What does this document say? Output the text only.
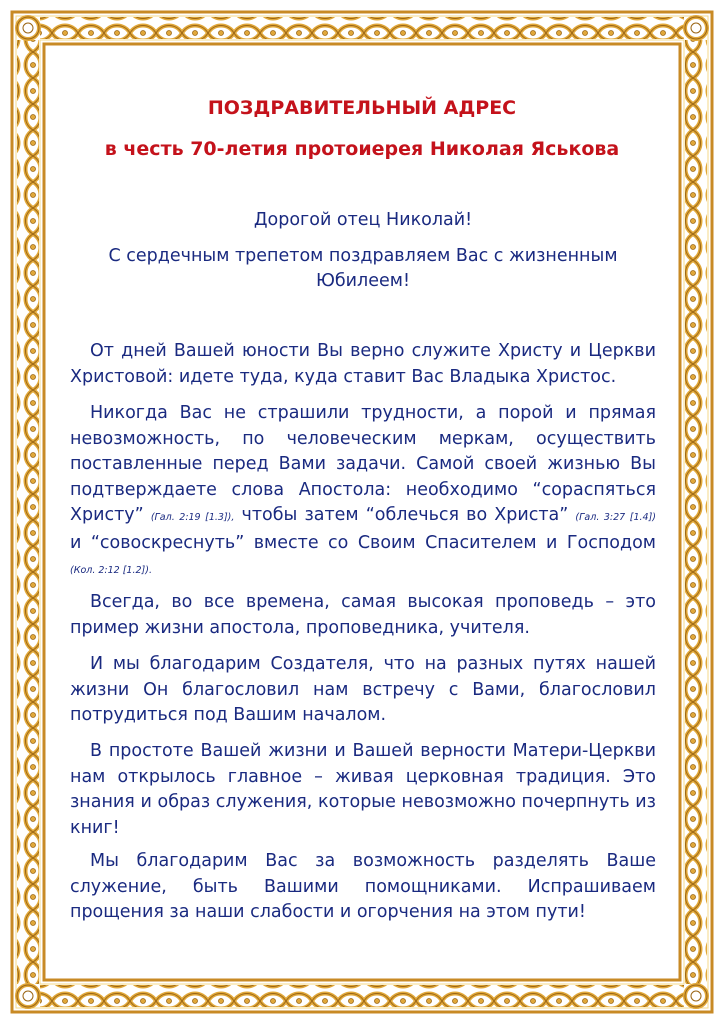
ПОЗДРАВИТЕЛЬНЫЙ АДРЕС
в честь 70-летия протоиерея Николая Яськова
Дорогой отец Николай!
С сердечным трепетом поздравляем Вас с жизненным Юбилеем!
От дней Вашей юности Вы верно служите Христу и Церкви Христовой: идете туда, куда ставит Вас Владыка Христос.
Никогда Вас не страшили трудности, а порой и прямая невозможность, по человеческим меркам, осуществить поставленные перед Вами задачи. Самой своей жизнью Вы подтверждаете слова Апостола: необходимо “сораспяться Христу” (Гал. 2:19 [1.3]), чтобы затем “облечься во Христа” (Гал. 3:27 [1.4]) и “совоскреснуть” вместе со Своим Спасителем и Господом (Кол. 2:12 [1.2]).
Всегда, во все времена, самая высокая проповедь – это пример жизни апостола, проповедника, учителя.
И мы благодарим Создателя, что на разных путях нашей жизни Он благословил нам встречу с Вами, благословил потрудиться под Вашим началом.
В простоте Вашей жизни и Вашей верности Матери-Церкви нам открылось главное – живая церковная традиция. Это знания и образ служения, которые невозможно почерпнуть из книг!
Мы благодарим Вас за возможность разделять Ваше служение, быть Вашими помощниками. Испрашиваем прощения за наши слабости и огорчения на этом пути!
